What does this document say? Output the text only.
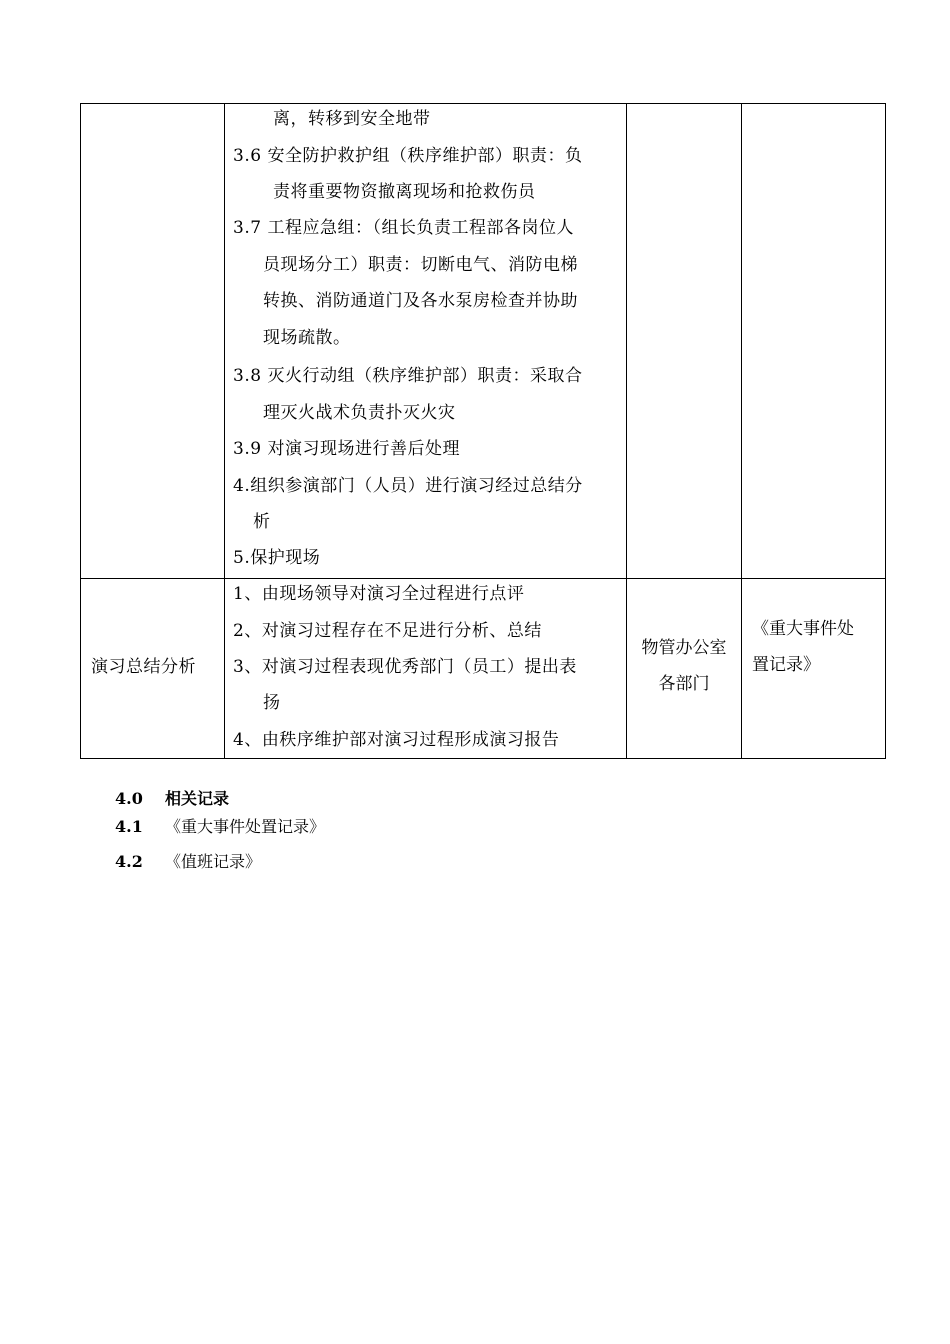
离，转移到安全地带
3.6 安全防护救护组（秩序维护部）职责：负
责将重要物资撤离现场和抢救伤员
3.7 工程应急组：（组长负责工程部各岗位人
员现场分工）职责：切断电气、消防电梯
转换、消防通道门及各水泵房检查并协助
现场疏散。
3.8 灭火行动组（秩序维护部）职责：采取合
理灭火战术负责扑灭火灾
3.9 对演习现场进行善后处理
4.组织参演部门（人员）进行演习经过总结分
析
5.保护现场
演习总结分析
1、由现场领导对演习全过程进行点评
2、对演习过程存在不足进行分析、总结
3、对演习过程表现优秀部门（员工）提出表
扬
4、由秩序维护部对演习过程形成演习报告
物管办公室
各部门
《重大事件处
置记录》
4.0 相关记录
4.1 《重大事件处置记录》
4.2 《值班记录》
